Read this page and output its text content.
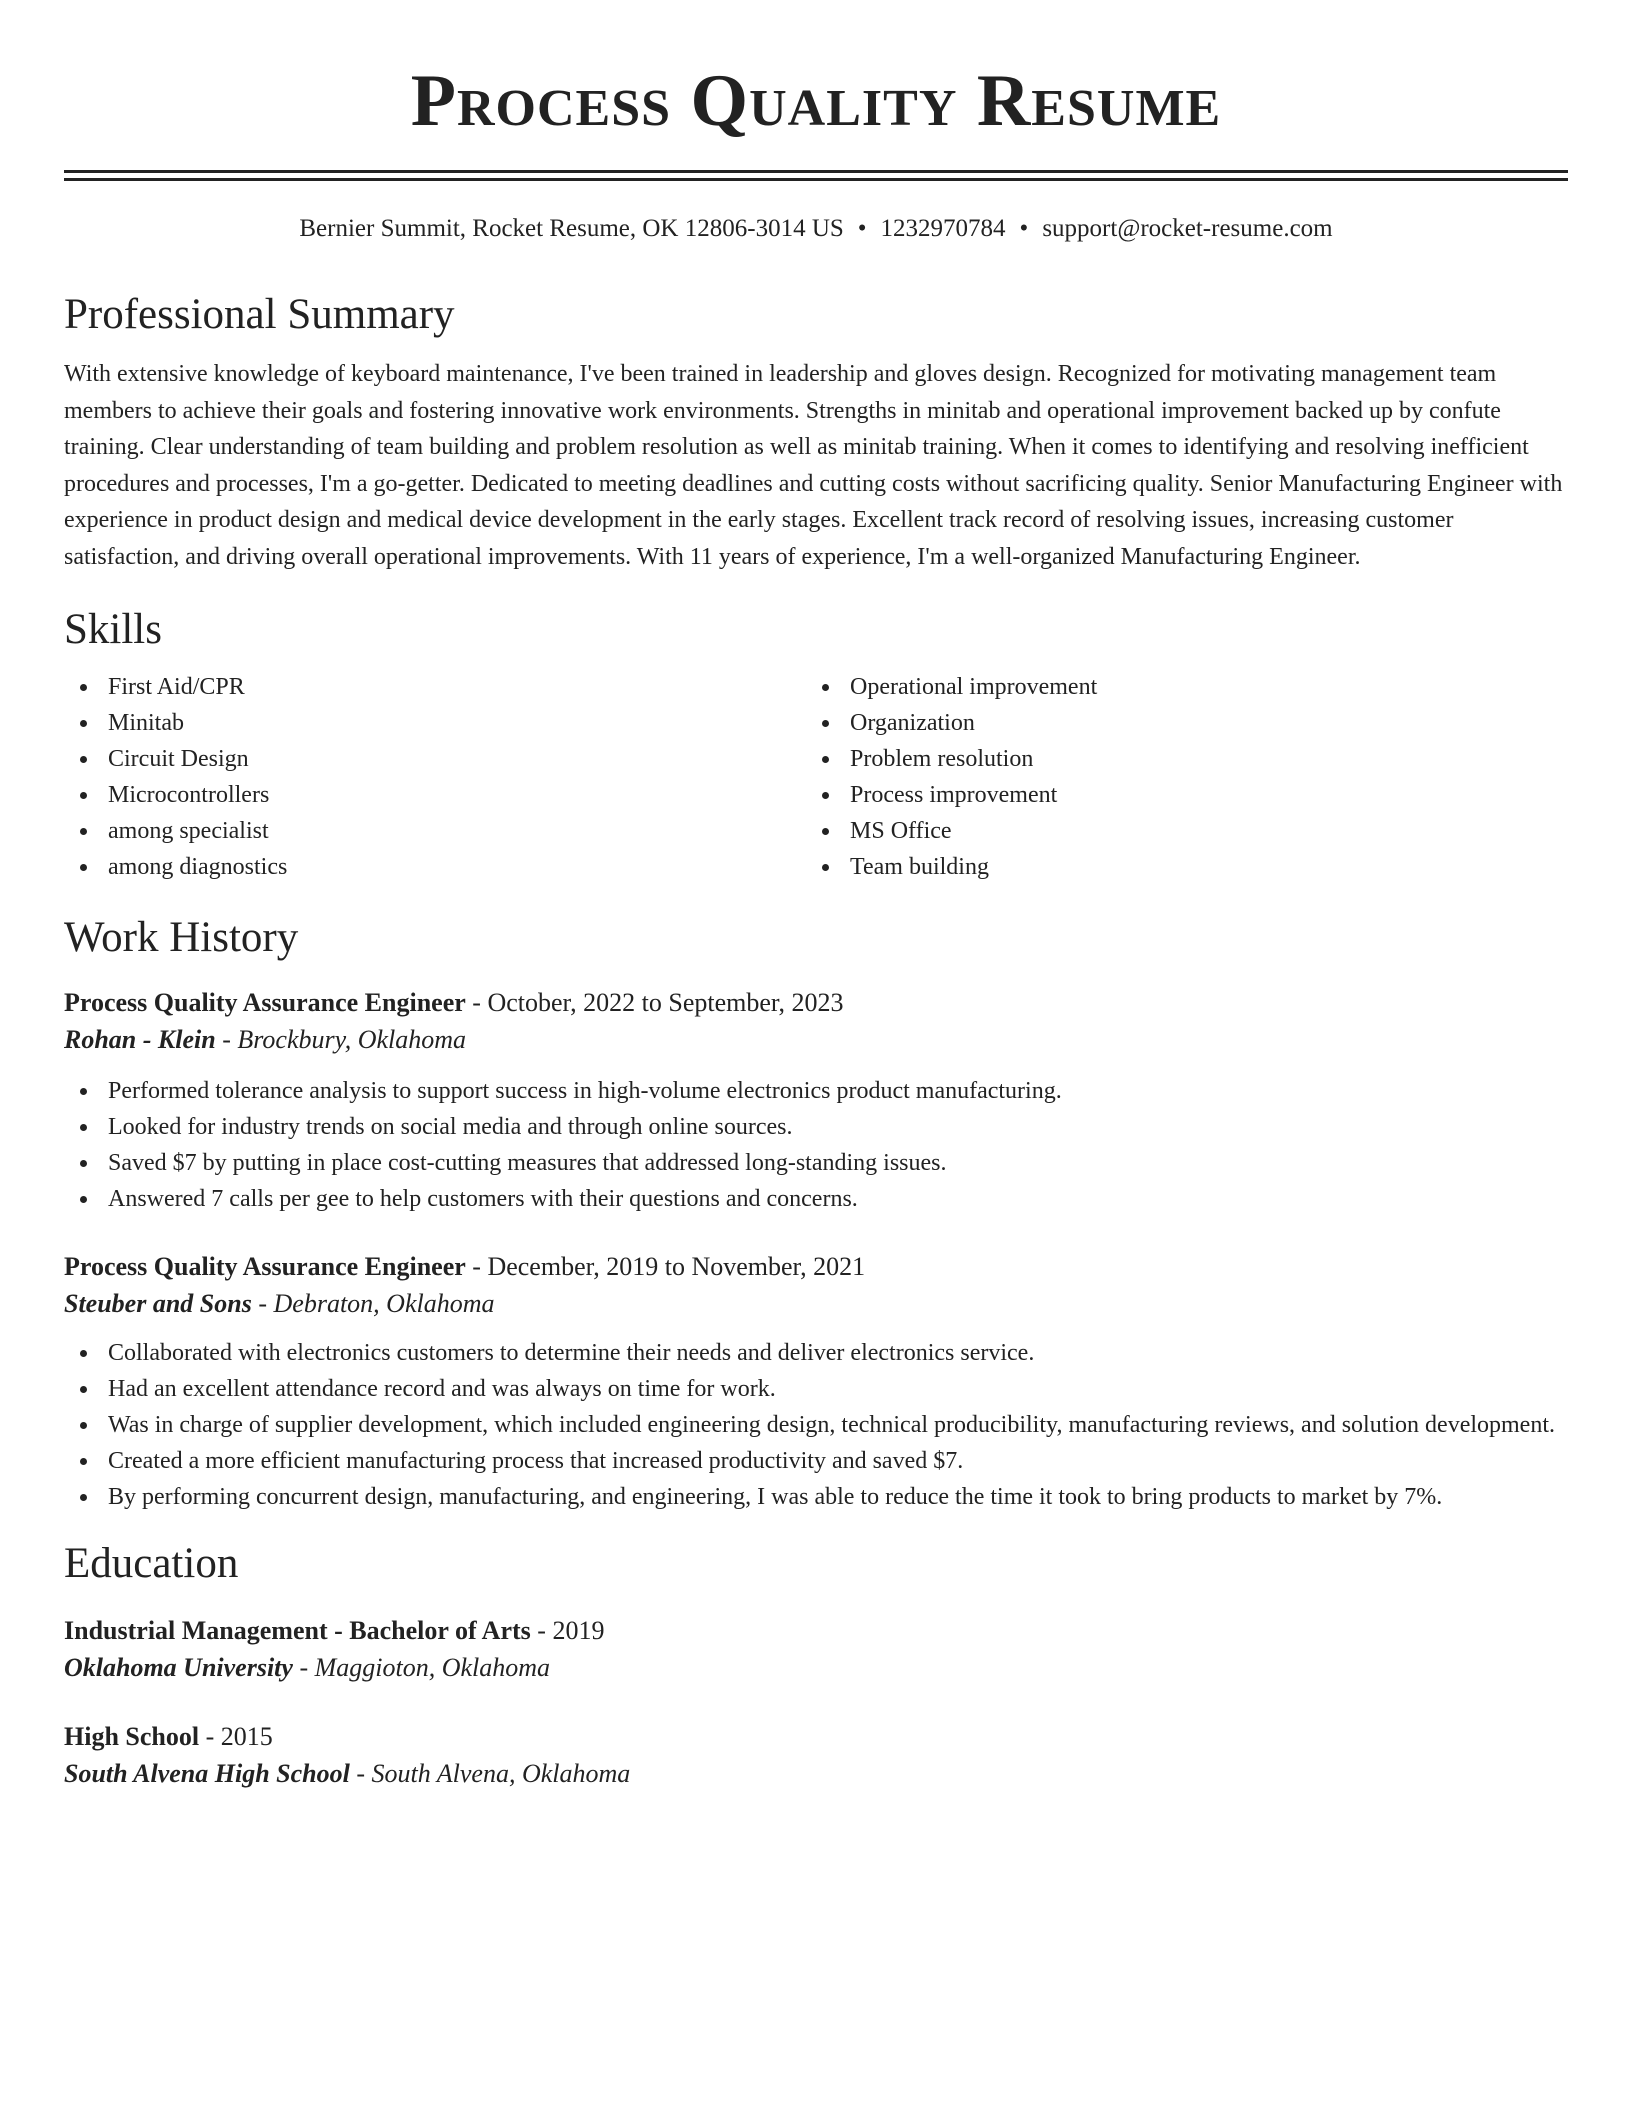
Process Quality Resume
Bernier Summit, Rocket Resume, OK 12806-3014 US • 1232970784 • support@rocket-resume.com
Professional Summary

With extensive knowledge of keyboard maintenance, I've been trained in leadership and gloves design. Recognized for motivating management team members to achieve their goals and fostering innovative work environments. Strengths in minitab and operational improvement backed up by confute training. Clear understanding of team building and problem resolution as well as minitab training. When it comes to identifying and resolving inefficient procedures and processes, I'm a go-getter. Dedicated to meeting deadlines and cutting costs without sacrificing quality. Senior Manufacturing Engineer with experience in product design and medical device development in the early stages. Excellent track record of resolving issues, increasing customer satisfaction, and driving overall operational improvements. With 11 years of experience, I'm a well-organized Manufacturing Engineer.

Skills
First Aid/CPR
Minitab
Circuit Design
Microcontrollers
among specialist
among diagnostics
Operational improvement
Organization
Problem resolution
Process improvement
MS Office
Team building
Work History
Process Quality Assurance Engineer - October, 2022 to September, 2023
Rohan - Klein - Brockbury, Oklahoma
Performed tolerance analysis to support success in high-volume electronics product manufacturing.
Looked for industry trends on social media and through online sources.
Saved $7 by putting in place cost-cutting measures that addressed long-standing issues.
Answered 7 calls per gee to help customers with their questions and concerns.
Process Quality Assurance Engineer - December, 2019 to November, 2021
Steuber and Sons - Debraton, Oklahoma
Collaborated with electronics customers to determine their needs and deliver electronics service.
Had an excellent attendance record and was always on time for work.
Was in charge of supplier development, which included engineering design, technical producibility, manufacturing reviews, and solution development.
Created a more efficient manufacturing process that increased productivity and saved $7.
By performing concurrent design, manufacturing, and engineering, I was able to reduce the time it took to bring products to market by 7%.
Education
Industrial Management - Bachelor of Arts - 2019
Oklahoma University - Maggioton, Oklahoma
High School - 2015
South Alvena High School - South Alvena, Oklahoma
